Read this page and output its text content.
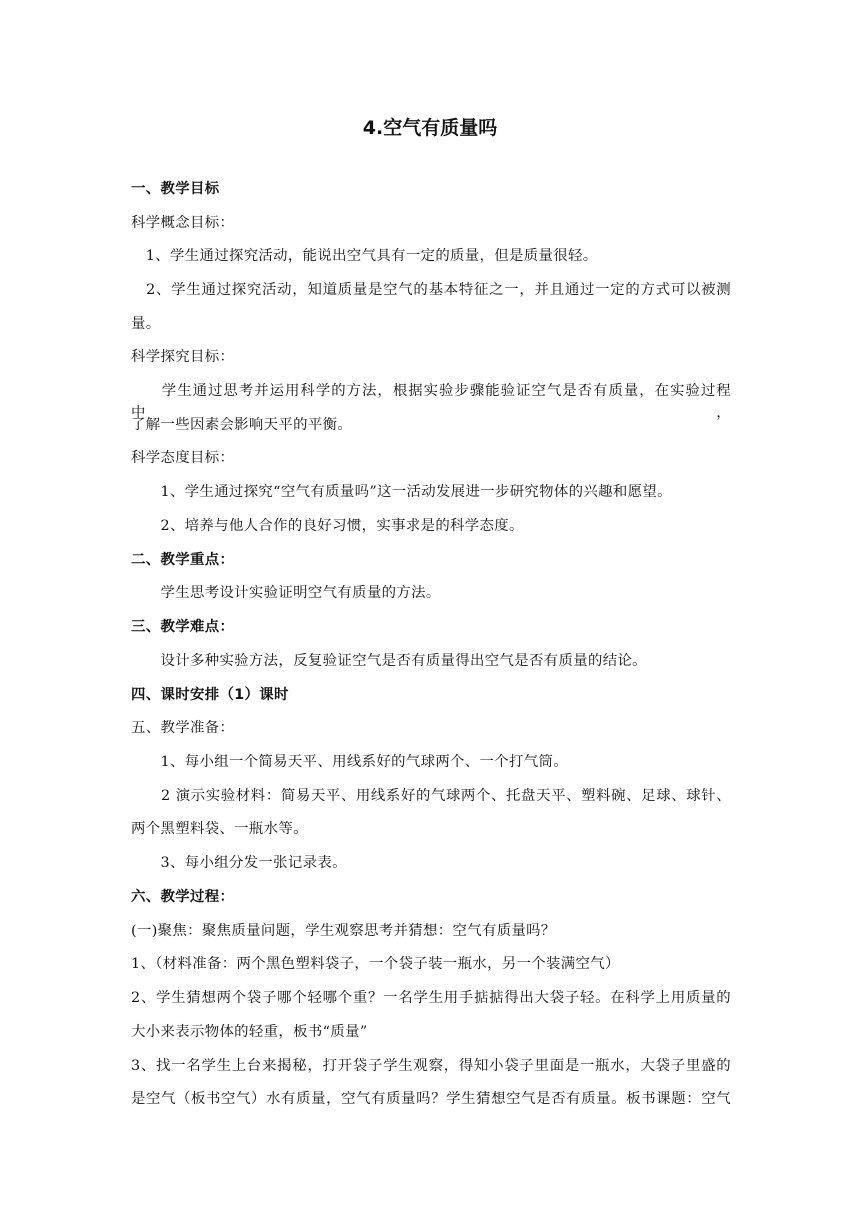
4.空气有质量吗
一、教学目标
科学概念目标：
　1、学生通过探究活动，能说出空气具有一定的质量，但是质量很轻。
　2、学生通过探究活动，知道质量是空气的基本特征之一，并且通过一定的方式可以被测
量。
科学探究目标：
　　学生通过思考并运用科学的方法，根据实验步骤能验证空气是否有质量，在实验过程中，
了解一些因素会影响天平的平衡。
科学态度目标：
　　1、学生通过探究“空气有质量吗”这一活动发展进一步研究物体的兴趣和愿望。
　　2、培养与他人合作的良好习惯，实事求是的科学态度。
二、教学重点：
　　学生思考设计实验证明空气有质量的方法。
三、教学难点：
　　设计多种实验方法，反复验证空气是否有质量得出空气是否有质量的结论。
四、课时安排（1）课时
五、教学准备：
　　1、每小组一个简易天平、用线系好的气球两个、一个打气筒。
　　2 演示实验材料：简易天平、用线系好的气球两个、托盘天平、塑料碗、足球、球针、
两个黑塑料袋、一瓶水等。
　　3、每小组分发一张记录表。
六、教学过程：
(一)聚焦：聚焦质量问题，学生观察思考并猜想：空气有质量吗？
1、（材料准备：两个黑色塑料袋子，一个袋子装一瓶水，另一个装满空气）
2、学生猜想两个袋子哪个轻哪个重？一名学生用手掂掂得出大袋子轻。在科学上用质量的
大小来表示物体的轻重，板书“质量”
3、找一名学生上台来揭秘，打开袋子学生观察，得知小袋子里面是一瓶水，大袋子里盛的
是空气（板书空气）水有质量，空气有质量吗？学生猜想空气是否有质量。板书课题：空气
